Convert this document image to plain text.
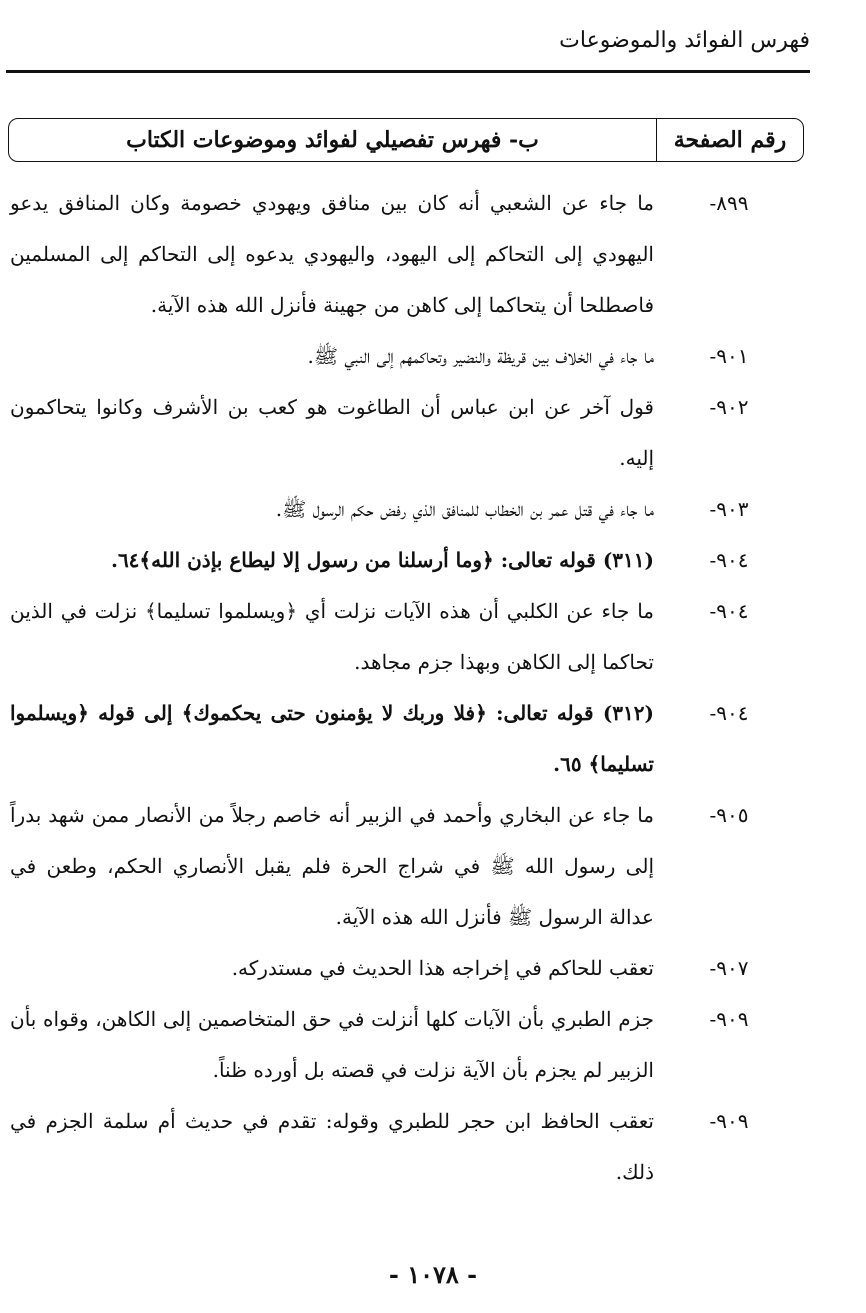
فهرس الفوائد والموضوعات
رقم الصفحة
ب- فهرس تفصيلي لفوائد وموضوعات الكتاب
٨٩٩-
ما جاء عن الشعبي أنه كان بين منافق ويهودي خصومة وكان المنافق يدعو اليهودي إلى التحاكم إلى اليهود، واليهودي يدعوه إلى التحاكم إلى المسلمين فاصطلحا أن يتحاكما إلى كاهن من جهينة فأنزل الله هذه الآية.
٩٠١-
ما جاء في الخلاف بين قريظة والنضير وتحاكمهم إلى النبي ﷺ.
٩٠٢-
قول آخر عن ابن عباس أن الطاغوت هو كعب بن الأشرف وكانوا يتحاكمون إليه.
٩٠٣-
ما جاء في قتل عمر بن الخطاب للمنافق الذي رفض حكم الرسول ﷺ.
٩٠٤-
(٣١١) قوله تعالى: ﴿وما أرسلنا من رسول إلا ليطاع بإذن الله﴾٦٤.
٩٠٤-
ما جاء عن الكلبي أن هذه الآيات نزلت أي ﴿ويسلموا تسليما﴾ نزلت في الذين تحاكما إلى الكاهن وبهذا جزم مجاهد.
٩٠٤-
(٣١٢) قوله تعالى: ﴿فلا وربك لا يؤمنون حتى يحكموك﴾ إلى قوله ﴿ويسلموا تسليما﴾ ٦٥.
٩٠٥-
ما جاء عن البخاري وأحمد في الزبير أنه خاصم رجلاً من الأنصار ممن شهد بدراً إلى رسول الله ﷺ في شراج الحرة فلم يقبل الأنصاري الحكم، وطعن في عدالة الرسول ﷺ فأنزل الله هذه الآية.
٩٠٧-
تعقب للحاكم في إخراجه هذا الحديث في مستدركه.
٩٠٩-
جزم الطبري بأن الآيات كلها أنزلت في حق المتخاصمين إلى الكاهن، وقواه بأن الزبير لم يجزم بأن الآية نزلت في قصته بل أورده ظناً.
٩٠٩-
تعقب الحافظ ابن حجر للطبري وقوله: تقدم في حديث أم سلمة الجزم في ذلك.
- ١٠٧٨ -
